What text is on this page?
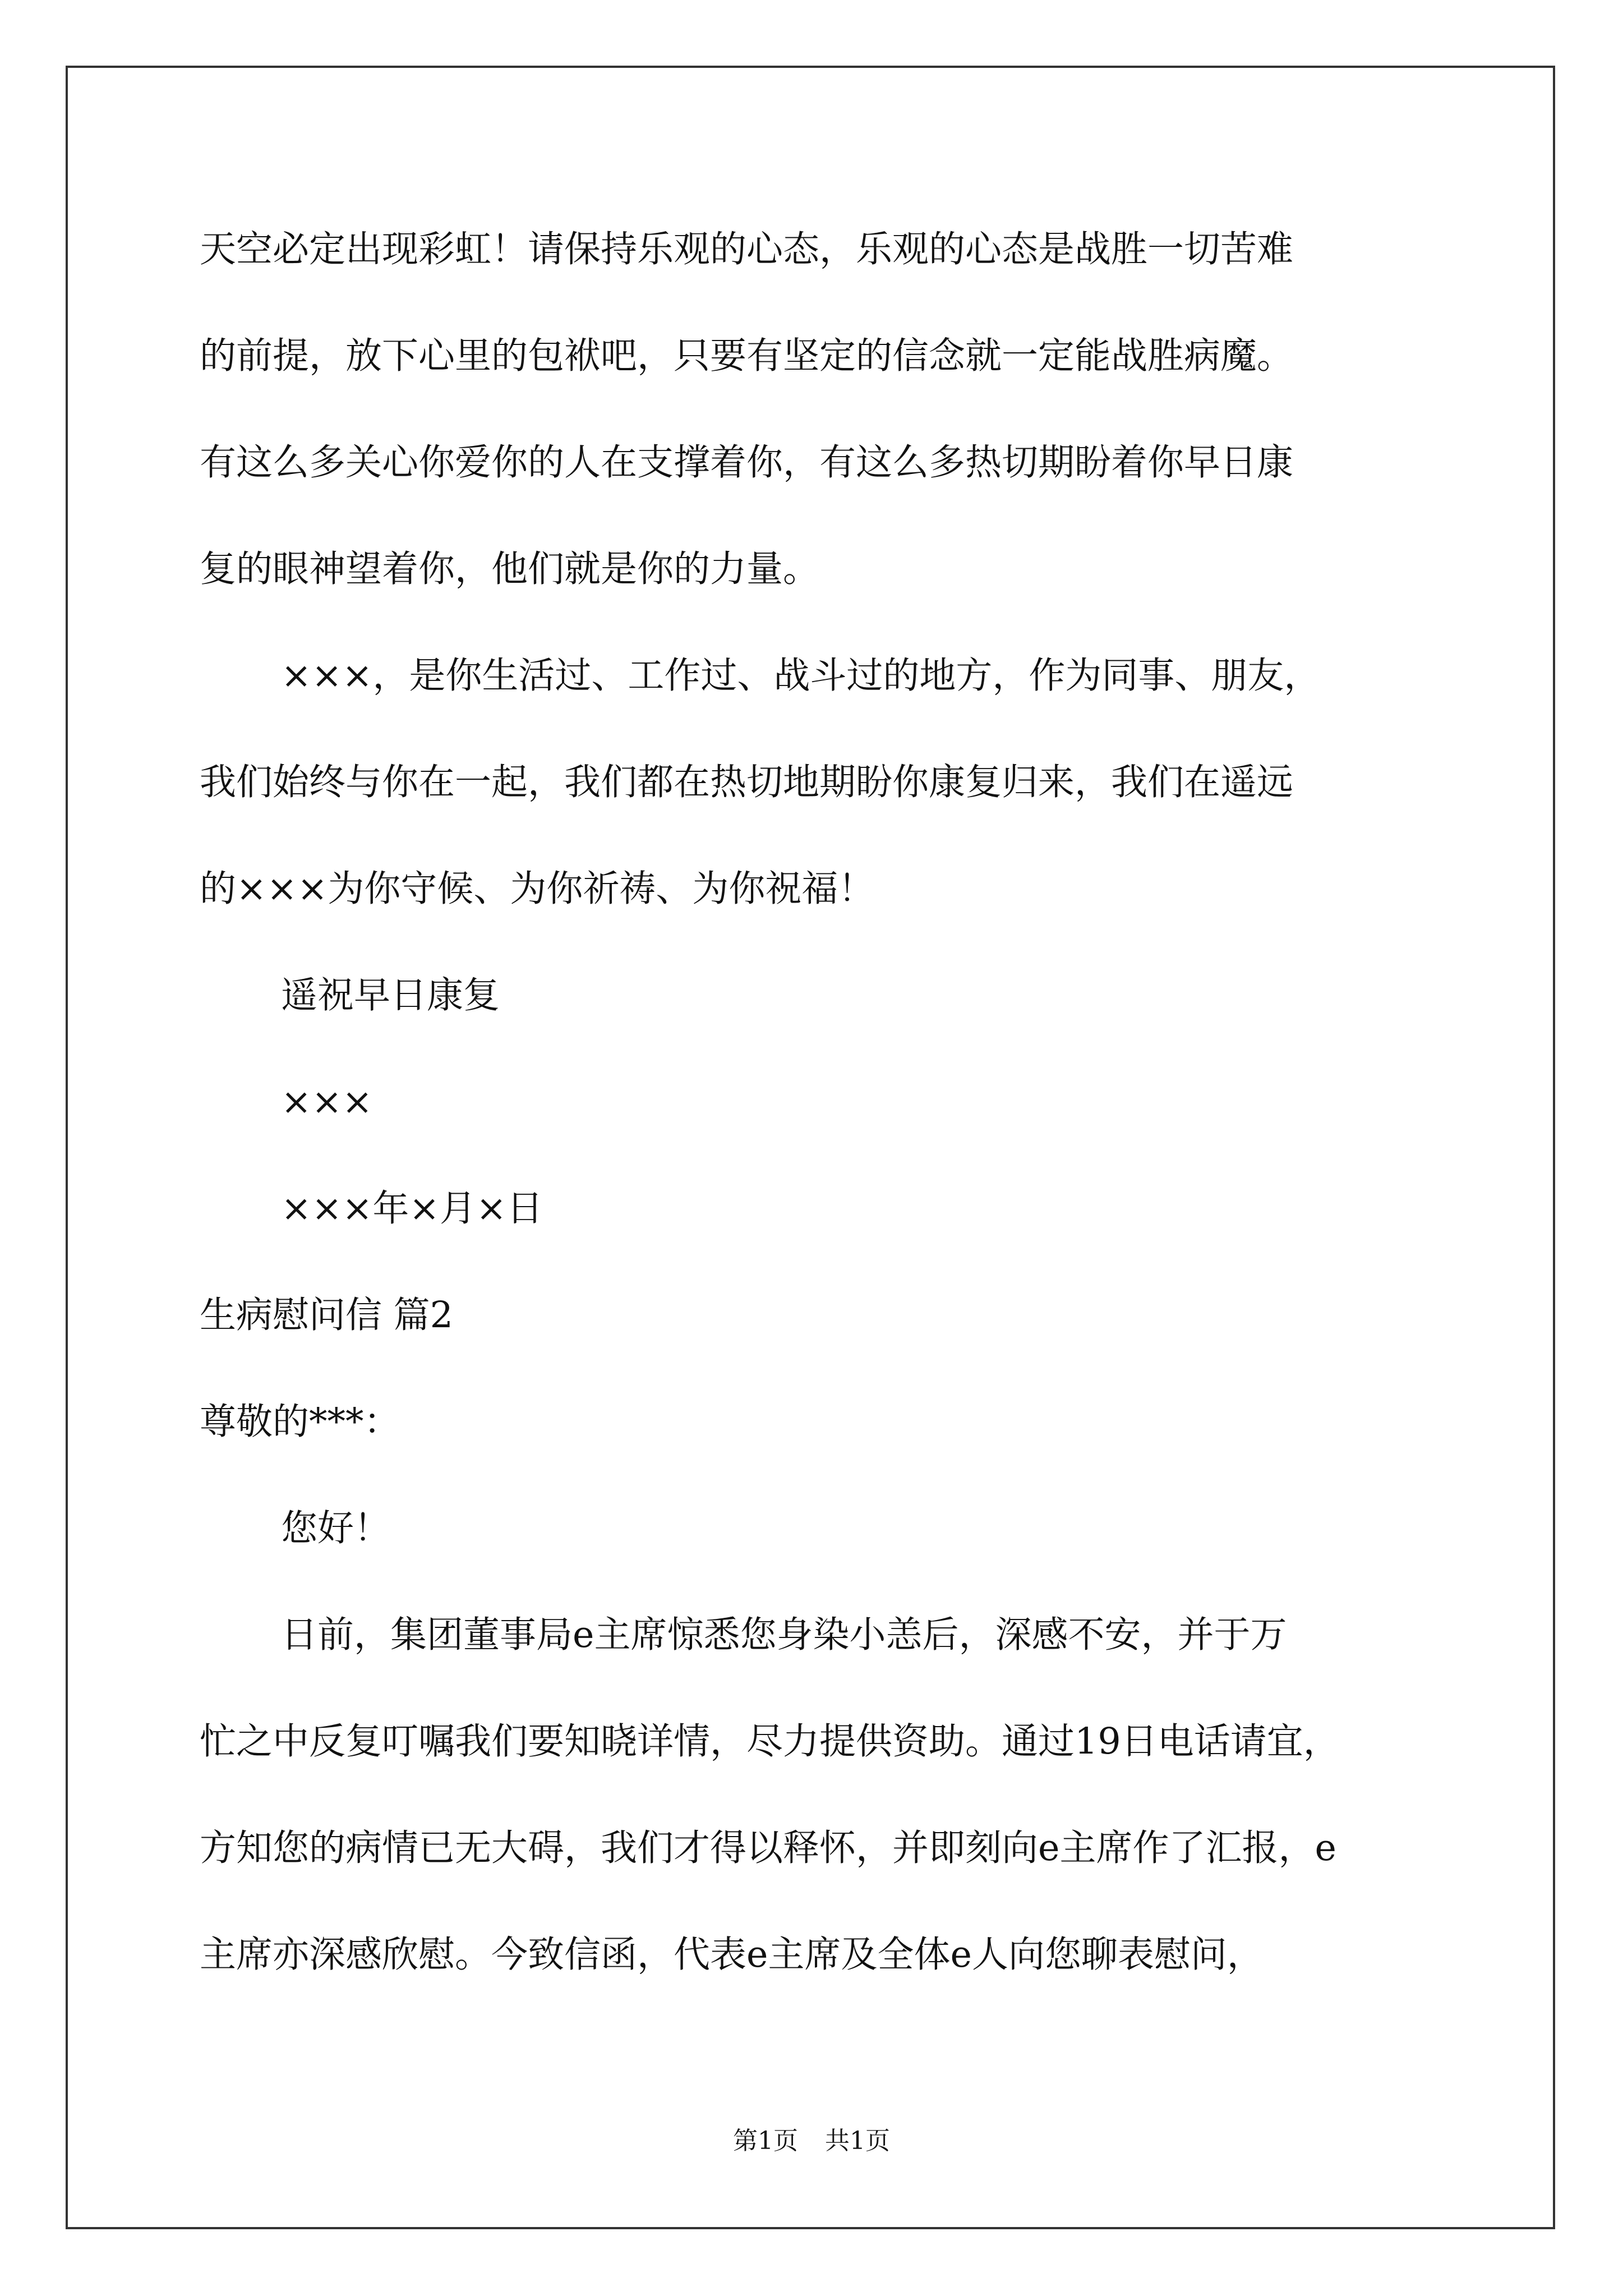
天空必定出现彩虹！请保持乐观的心态，乐观的心态是战胜一切苦难
的前提，放下心里的包袱吧，只要有坚定的信念就一定能战胜病魔。
有这么多关心你爱你的人在支撑着你，有这么多热切期盼着你早日康
复的眼神望着你，他们就是你的力量。
×××，是你生活过、工作过、战斗过的地方，作为同事、朋友，
我们始终与你在一起，我们都在热切地期盼你康复归来，我们在遥远
的×××为你守候、为你祈祷、为你祝福！
遥祝早日康复
×××
×××年×月×日
生病慰问信 篇2
尊敬的***：
您好！
日前，集团董事局e主席惊悉您身染小恙后，深感不安，并于万
忙之中反复叮嘱我们要知晓详情，尽力提供资助。通过19日电话请宜，
方知您的病情已无大碍，我们才得以释怀，并即刻向e主席作了汇报，e
主席亦深感欣慰。今致信函，代表e主席及全体e人向您聊表慰问，
第1页 共1页
